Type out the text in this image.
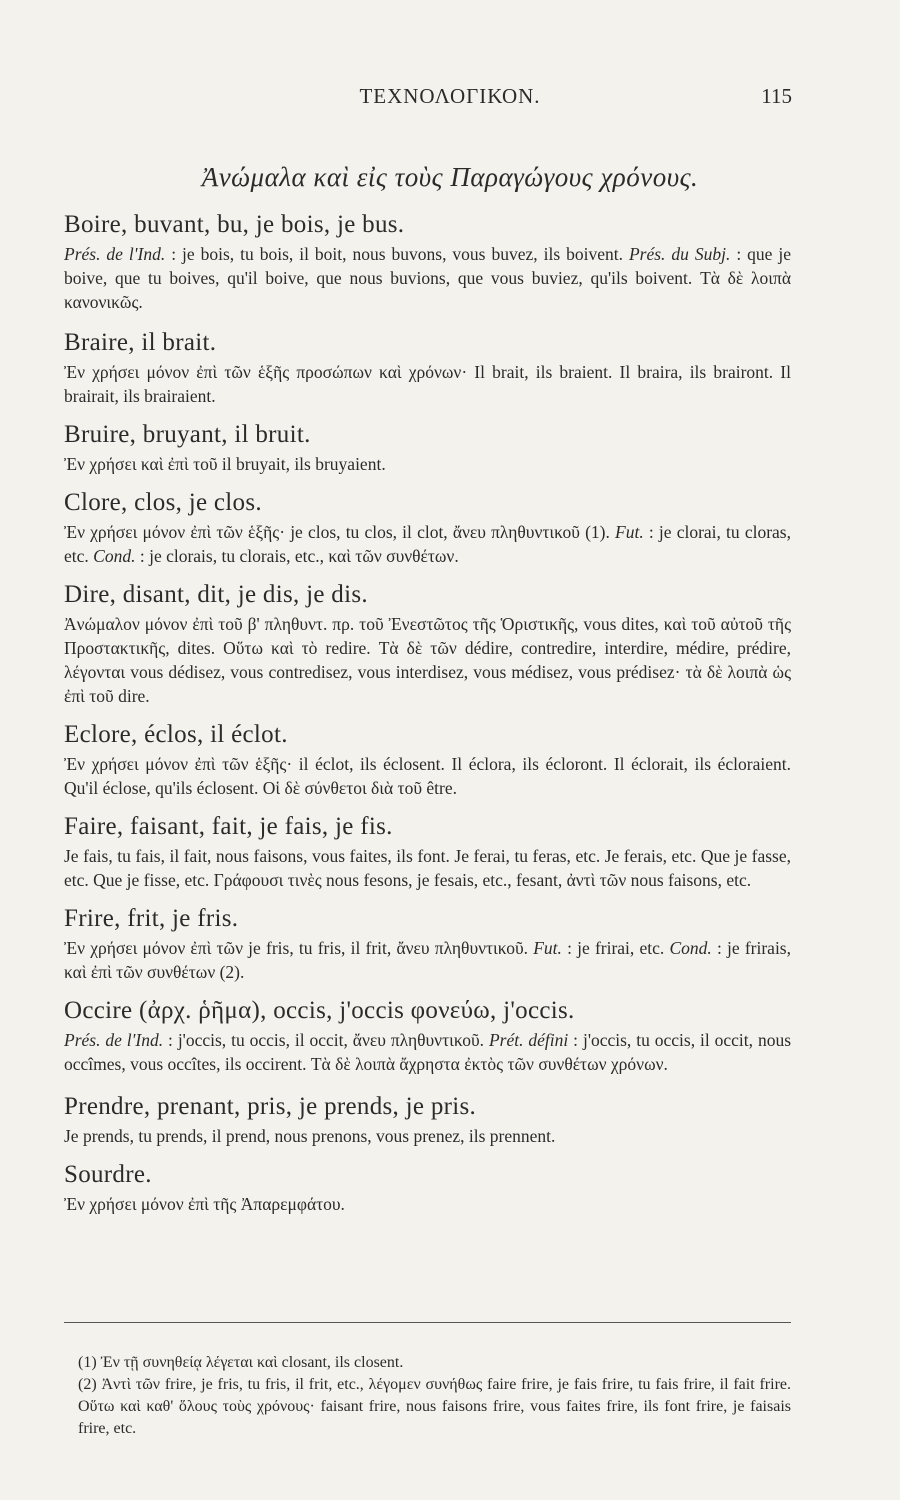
ΤΕΧΝΟΛΟΓΙΚΟΝ.	115
Ἀνώμαλα καὶ εἰς τοὺς Παραγώγους χρόνους.
Boire, buvant, bu, je bois, je bus.

Prés. de l'Ind. : je bois, tu bois, il boit, nous buvons, vous buvez, ils boivent. Prés. du Subj. : que je boive, que tu boives, qu'il boive, que nous buvions, que vous buviez, qu'ils boivent. Τὰ δὲ λοιπὰ κανονικῶς.

Braire, il brait.

Ἐν χρήσει μόνον ἐπὶ τῶν ἑξῆς προσώπων καὶ χρόνων· Il brait, ils braient. Il braira, ils brairont. Il brairait, ils brairaient.

Bruire, bruyant, il bruit.

Ἐν χρήσει καὶ ἐπὶ τοῦ il bruyait, ils bruyaient.

Clore, clos, je clos.

Ἐν χρήσει μόνον ἐπὶ τῶν ἑξῆς· je clos, tu clos, il clot, ἄνευ πληθυντικοῦ (1). Fut. : je clorai, tu cloras, etc. Cond. : je clorais, tu clorais, etc., καὶ τῶν συνθέτων.

Dire, disant, dit, je dis, je dis.

Ἀνώμαλον μόνον ἐπὶ τοῦ β' πληθυντ. πρ. τοῦ Ἐνεστῶτος τῆς Ὁριστικῆς, vous dites, καὶ τοῦ αὐτοῦ τῆς Προστακτικῆς, dites. Οὕτω καὶ τὸ redire. Τὰ δὲ τῶν dédire, contredire, interdire, médire, prédire, λέγονται vous dédisez, vous contredisez, vous interdisez, vous médisez, vous prédisez· τὰ δὲ λοιπὰ ὡς ἐπὶ τοῦ dire.

Eclore, éclos, il éclot.

Ἐν χρήσει μόνον ἐπὶ τῶν ἑξῆς· il éclot, ils éclosent. Il éclora, ils écloront. Il éclorait, ils écloraient. Qu'il éclose, qu'ils éclosent. Οἱ δὲ σύνθετοι διὰ τοῦ être.

Faire, faisant, fait, je fais, je fis.

Je fais, tu fais, il fait, nous faisons, vous faites, ils font. Je ferai, tu feras, etc. Je ferais, etc. Que je fasse, etc. Que je fisse, etc. Γράφουσι τινὲς nous fesons, je fesais, etc., fesant, ἀντὶ τῶν nous faisons, etc.

Frire, frit, je fris.

Ἐν χρήσει μόνον ἐπὶ τῶν je fris, tu fris, il frit, ἄνευ πληθυντικοῦ. Fut. : je frirai, etc. Cond. : je frirais, καὶ ἐπὶ τῶν συνθέτων (2).

Occire (ἀρχ. ῥῆμα), occis, j'occis φονεύω, j'occis.

Prés. de l'Ind. : j'occis, tu occis, il occit, ἄνευ πληθυντικοῦ. Prét. défini : j'occis, tu occis, il occit, nous occîmes, vous occîtes, ils occirent. Τὰ δὲ λοιπὰ ἄχρηστα ἐκτὸς τῶν συνθέτων χρόνων.

Prendre, prenant, pris, je prends, je pris.

Je prends, tu prends, il prend, nous prenons, vous prenez, ils prennent.

Sourdre.

Ἐν χρήσει μόνον ἐπὶ τῆς Ἀπαρεμφάτου.

(1) Ἐν τῇ συνηθείᾳ λέγεται καὶ closant, ils closent.

(2) Ἀντὶ τῶν frire, je fris, tu fris, il frit, etc., λέγομεν συνήθως faire frire, je fais frire, tu fais frire, il fait frire. Οὕτω καὶ καθ' ὅλους τοὺς χρόνους· faisant frire, nous faisons frire, vous faites frire, ils font frire, je faisais frire, etc.
